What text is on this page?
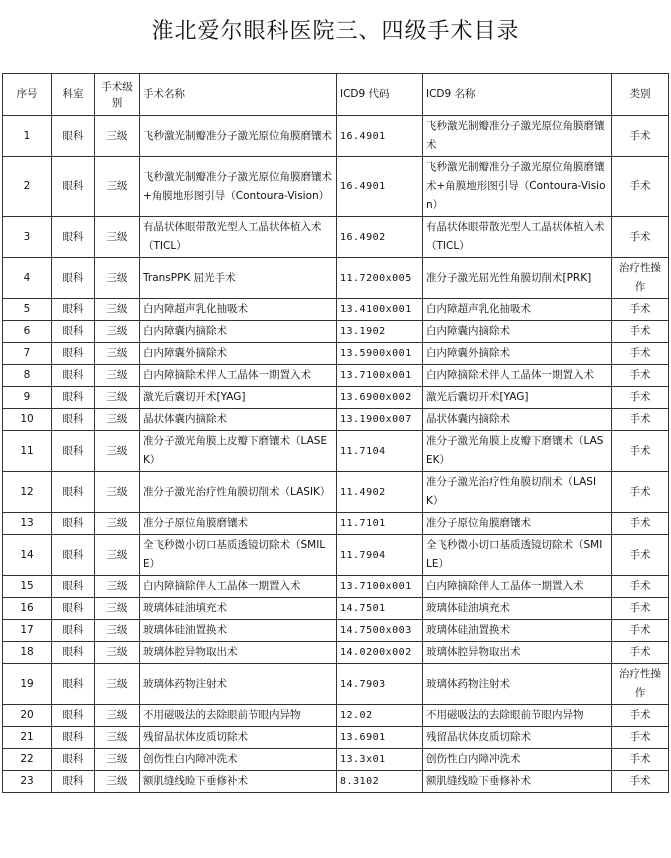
淮北爱尔眼科医院三、四级手术目录
序号	科室	手术级别	手术名称	ICD9 代码	ICD9 名称	类别
1	眼科	三级	飞秒激光制瓣准分子激光原位角膜磨镶术	16.4901	飞秒激光制瓣准分子激光原位角膜磨镶术	手术
2	眼科	三级	飞秒激光制瓣准分子激光原位角膜磨镶术+角膜地形图引导（Contoura-Vision）	16.4901	飞秒激光制瓣准分子激光原位角膜磨镶术+角膜地形图引导（Contoura-Vision）	手术
3	眼科	三级	有晶状体眼带散光型人工晶状体植入术（TICL）	16.4902	有晶状体眼带散光型人工晶状体植入术（TICL）	手术
4	眼科	三级	TransPPK 屈光手术	11.7200x005	准分子激光屈光性角膜切削术[PRK]	治疗性操作
5	眼科	三级	白内障超声乳化抽吸术	13.4100x001	白内障超声乳化抽吸术	手术
6	眼科	三级	白内障囊内摘除术	13.1902	白内障囊内摘除术	手术
7	眼科	三级	白内障囊外摘除术	13.5900x001	白内障囊外摘除术	手术
8	眼科	三级	白内障摘除术伴人工晶体一期置入术	13.7100x001	白内障摘除术伴人工晶体一期置入术	手术
9	眼科	三级	激光后囊切开术[YAG]	13.6900x002	激光后囊切开术[YAG]	手术
10	眼科	三级	晶状体囊内摘除术	13.1900x007	晶状体囊内摘除术	手术
11	眼科	三级	准分子激光角膜上皮瓣下磨镶术（LASEK）	11.7104	准分子激光角膜上皮瓣下磨镶术（LASEK）	手术
12	眼科	三级	准分子激光治疗性角膜切削术（LASIK）	11.4902	准分子激光治疗性角膜切削术（LASIK）	手术
13	眼科	三级	准分子原位角膜磨镶术	11.7101	准分子原位角膜磨镶术	手术
14	眼科	三级	全飞秒微小切口基质透镜切除术（SMILE）	11.7904	全飞秒微小切口基质透镜切除术（SMILE）	手术
15	眼科	三级	白内障摘除伴人工晶体一期置入术	13.7100x001	白内障摘除伴人工晶体一期置入术	手术
16	眼科	三级	玻璃体硅油填充术	14.7501	玻璃体硅油填充术	手术
17	眼科	三级	玻璃体硅油置换术	14.7500x003	玻璃体硅油置换术	手术
18	眼科	三级	玻璃体腔异物取出术	14.0200x002	玻璃体腔异物取出术	手术
19	眼科	三级	玻璃体药物注射术	14.7903	玻璃体药物注射术	治疗性操作
20	眼科	三级	不用磁吸法的去除眼前节眼内异物	12.02	不用磁吸法的去除眼前节眼内异物	手术
21	眼科	三级	残留晶状体皮质切除术	13.6901	残留晶状体皮质切除术	手术
22	眼科	三级	创伤性白内障冲洗术	13.3x01	创伤性白内障冲洗术	手术
23	眼科	三级	额肌缝线睑下垂修补术	8.3102	额肌缝线睑下垂修补术	手术
